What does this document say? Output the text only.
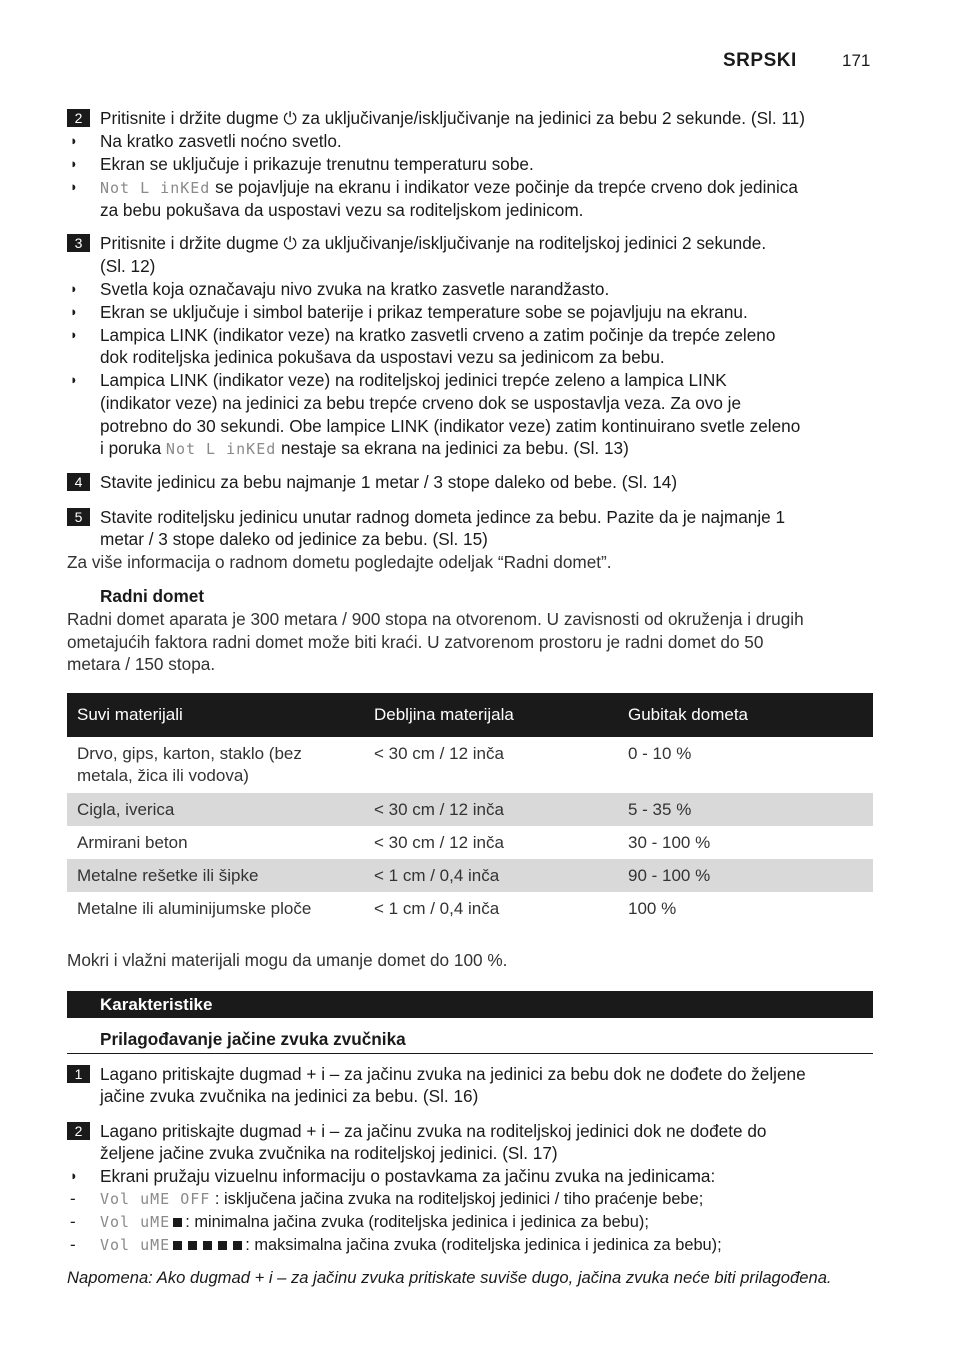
SRPSKI	171
2	Pritisnite i držite dugme ⏻ za uključivanje/isključivanje na jedinici za bebu 2 sekunde. (Sl. 11)
◗ Na kratko zasvetli noćno svetlo.
◗ Ekran se uključuje i prikazuje trenutnu temperaturu sobe.
◗ Not L inKEd se pojavljuje na ekranu i indikator veze počinje da trepće crveno dok jedinica
za bebu pokušava da uspostavi vezu sa roditeljskom jedinicom.
3	Pritisnite i držite dugme ⏻ za uključivanje/isključivanje na roditeljskoj jedinici 2 sekunde.
(Sl. 12)
◗ Svetla koja označavaju nivo zvuka na kratko zasvetle narandžasto.
◗ Ekran se uključuje i simbol baterije i prikaz temperature sobe se pojavljuju na ekranu.
◗ Lampica LINK (indikator veze) na kratko zasvetli crveno a zatim počinje da trepće zeleno
dok roditeljska jedinica pokušava da uspostavi vezu sa jedinicom za bebu.
◗ Lampica LINK (indikator veze) na roditeljskoj jedinici trepće zeleno a lampica LINK
(indikator veze) na jedinici za bebu trepće crveno dok se uspostavlja veza. Za ovo je
potrebno do 30 sekundi. Obe lampice LINK (indikator veze) zatim kontinuirano svetle zeleno
i poruka Not L inKEd nestaje sa ekrana na jedinici za bebu. (Sl. 13)
4	Stavite jedinicu za bebu najmanje 1 metar / 3 stope daleko od bebe. (Sl. 14)
5	Stavite roditeljsku jedinicu unutar radnog dometa jedince za bebu. Pazite da je najmanje 1
metar / 3 stope daleko od jedinice za bebu. (Sl. 15)
Za više informacija o radnom dometu pogledajte odeljak “Radni domet”.
Radni domet
Radni domet aparata je 300 metara / 900 stopa na otvorenom. U zavisnosti od okruženja i drugih
ometajućih faktora radni domet može biti kraći. U zatvorenom prostoru je radni domet do 50
metara / 150 stopa.
Suvi materijali	Debljina materijala	Gubitak dometa
Drvo, gips, karton, staklo (bez metala, žica ili vodova)	< 30 cm / 12 inča	0 - 10 %
Cigla, iverica	< 30 cm / 12 inča	5 - 35 %
Armirani beton	< 30 cm / 12 inča	30 - 100 %
Metalne rešetke ili šipke	< 1 cm / 0,4 inča	90 - 100 %
Metalne ili aluminijumske ploče	< 1 cm / 0,4 inča	100 %
Mokri i vlažni materijali mogu da umanje domet do 100 %.
Karakteristike
Prilagođavanje jačine zvuka zvučnika
1	Lagano pritiskajte dugmad + i – za jačinu zvuka na jedinici za bebu dok ne dođete do željene
jačine zvuka zvučnika na jedinici za bebu. (Sl. 16)
2	Lagano pritiskajte dugmad + i – za jačinu zvuka na roditeljskoj jedinici dok ne dođete do
željene jačine zvuka zvučnika na roditeljskoj jedinici. (Sl. 17)
◗ Ekrani pružaju vizuelnu informaciju o postavkama za jačinu zvuka na jedinicama:
- Vol uME OFF : isključena jačina zvuka na roditeljskoj jedinici / tiho praćenje bebe;
- Vol uME : minimalna jačina zvuka (roditeljska jedinica i jedinica za bebu);
- Vol uME	: maksimalna jačina zvuka (roditeljska jedinica i jedinica za bebu);
Napomena: Ako dugmad + i – za jačinu zvuka pritiskate suviše dugo, jačina zvuka neće biti prilagođena.
